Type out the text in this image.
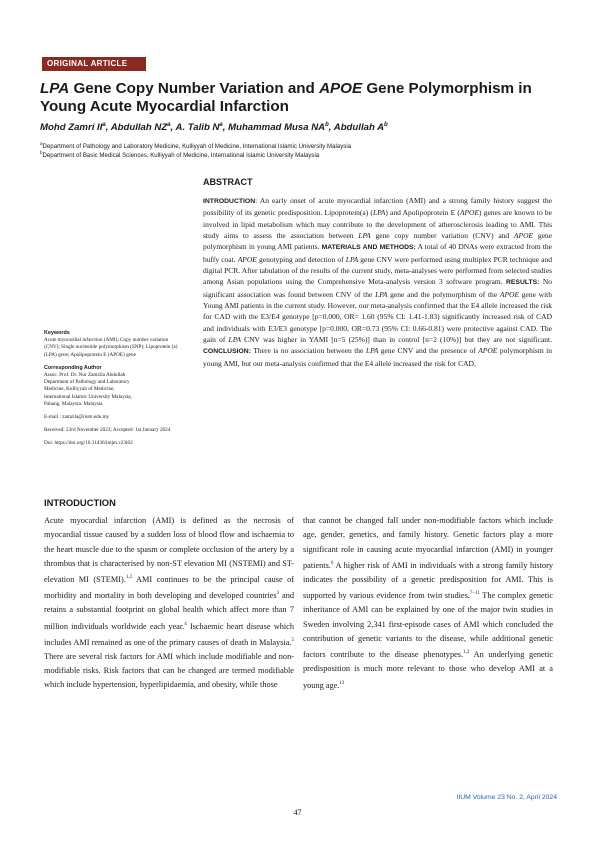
ORIGINAL ARTICLE
LPA Gene Copy Number Variation and APOE Gene Polymorphism in Young Acute Myocardial Infarction
Mohd Zamri $II^a$, Abdullah $NZ^a$, A. Talib $N^a$, Muhammad Musa $NA^b$, Abdullah $A^b$
$^a$Department of Pathology and Laboratory Medicine, Kulliyyah of Medicine, International Islamic University Malaysia
$^b$Department of Basic Medical Sciences, Kulliyyah of Medicine, International Islamic University Malaysia
ABSTRACT
INTRODUCTION: An early onset of acute myocardial infarction (AMI) and a strong family history suggest the possibility of its genetic predisposition. Lipoprotein(a) (LPA) and Apolipoprotein E (APOE) genes are known to be involved in lipid metabolism which may contribute to the development of atherosclerosis leading to AMI. This study aims to assess the association between LPA gene copy number variation (CNV) and APOE gene polymorphism in young AMI patients. MATERIALS AND METHODS: A total of 40 DNAs were extracted from the buffy coat. APOE genotyping and detection of LPA gene CNV were performed using multiplex PCR technique and digital PCR. After tabulation of the results of the current study, meta-analyses were performed from selected studies among Asian populations using the Comprehensive Meta-analysis version 3 software program. RESULTS: No significant association was found between CNV of the LPA gene and the polymorphism of the APOE gene with Young AMI patients in the current study. However, our meta-analysis confirmed that the E4 allele increased the risk for CAD with the E3/E4 genotype [p=0.000, OR= 1.60 (95% CI: 1.41-1.83) significantly increased risk of CAD and individuals with E3/E3 genotype [p=0.000, OR=0.73 (95% CI: 0.66-0.81) were protective against CAD. The gain of LPA CNV was higher in YAMI [n=5 (25%)] than in control [n=2 (10%)] but they are not significant. CONCLUSION: There is no association between the LPA gene CNV and the presence of APOE polymorphism in young AMI, but our meta-analysis confirmed that the E4 allele increased the risk for CAD.
Keywords
Acute myocardial infarction (AMI); Copy number variation (CNV); Single nucleotide polymorphism (SNP); Lipoprotein (a) (LPA) gene; Apolipoprotein E (APOE) gene
Corresponding Author
Assoc. Prof. Dr. Nur Zamzila Abdullah
Department of Pathology and Laboratory
Medicine, Kulliyyah of Medicine,
International Islamic University Malaysia,
Pahang, Malaysia. Malaysia
E-mail : zamzila@iium.edu.my
Received: 23rd November 2023; Accepted: 1st January 2024
Doi: https://doi.org/10.31436/imjm.v23i02
INTRODUCTION
Acute myocardial infarction (AMI) is defined as the necrosis of myocardial tissue caused by a sudden loss of blood flow and ischaemia to the heart muscle due to the spasm or complete occlusion of the artery by a thrombus that is characterised by non-ST elevation MI (NSTEMI) and ST-elevation MI (STEMI).$^{1,2}$ AMI continues to be the principal cause of morbidity and mortality in both developing and developed countries$^3$ and retains a substantial footprint on global health which affect more than 7 million individuals worldwide each year.$^4$ Ischaemic heart disease which includes AMI remained as one of the primary causes of death in Malaysia.$^5$ There are several risk factors for AMI which include modifiable and non-modifiable risks. Risk factors that can be changed are termed modifiable which include hypertension, hyperlipidaemia, and obesity, while those
that cannot be changed fall under non-modifiable factors which include age, gender, genetics, and family history. Genetic factors play a more significant role in causing acute myocardial infarction (AMI) in younger patients.$^6$ A higher risk of AMI in individuals with a strong family history indicates the possibility of a genetic predisposition for AMI. This is supported by various evidence from twin studies.$^{7-11}$ The complex genetic inheritance of AMI can be explained by one of the major twin studies in Sweden involving 2,341 first-episode cases of AMI which concluded the contribution of genetic variants to the disease, while additional genetic factors contribute to the disease phenotypes.$^{1,2}$ An underlying genetic predisposition is much more relevant to those who develop AMI at a young age.$^{13}$
IIUM Volume 23 No. 2, April 2024
47
